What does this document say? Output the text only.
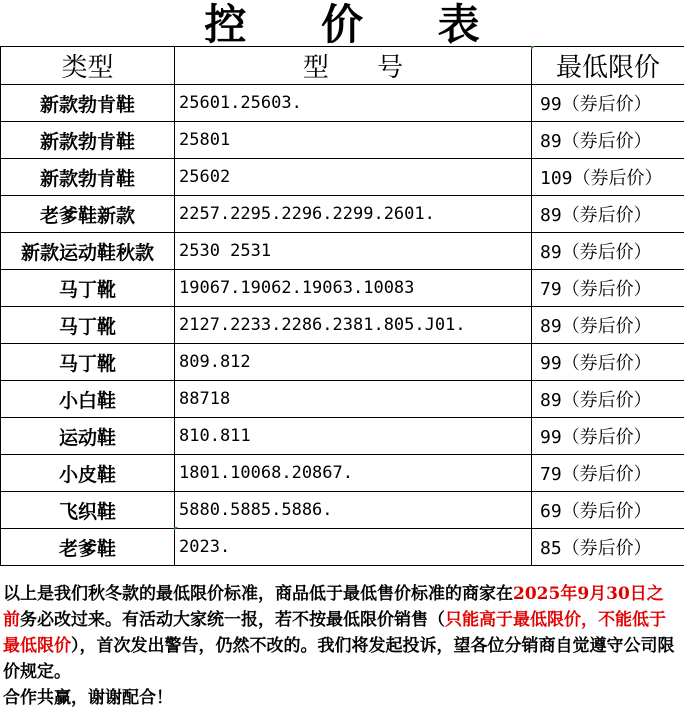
控 价 表
类型	型 号	最低限价
新款勃肯鞋	25601.25603.	99（券后价）
新款勃肯鞋	25801	89（券后价）
新款勃肯鞋	25602	109（券后价）
老爹鞋新款	2257.2295.2296.2299.2601.	89（券后价）
新款运动鞋秋款	2530 2531	89（券后价）
马丁靴	19067.19062.19063.10083	79（券后价）
马丁靴	2127.2233.2286.2381.805.J01.	89（券后价）
马丁靴	809.812	99（券后价）
小白鞋	88718	89（券后价）
运动鞋	810.811	99（券后价）
小皮鞋	1801.10068.20867.	79（券后价）
飞织鞋	5880.5885.5886.	69（券后价）
老爹鞋	2023.	85（券后价）

以上是我们秋冬款的最低限价标准，商品低于最低售价标准的商家在2025年9月30日之前务必改过来。有活动大家统一报，若不按最低限价销售（只能高于最低限价，不能低于最低限价），首次发出警告，仍然不改的。我们将发起投诉，望各位分销商自觉遵守公司限价规定。

合作共赢，谢谢配合！
